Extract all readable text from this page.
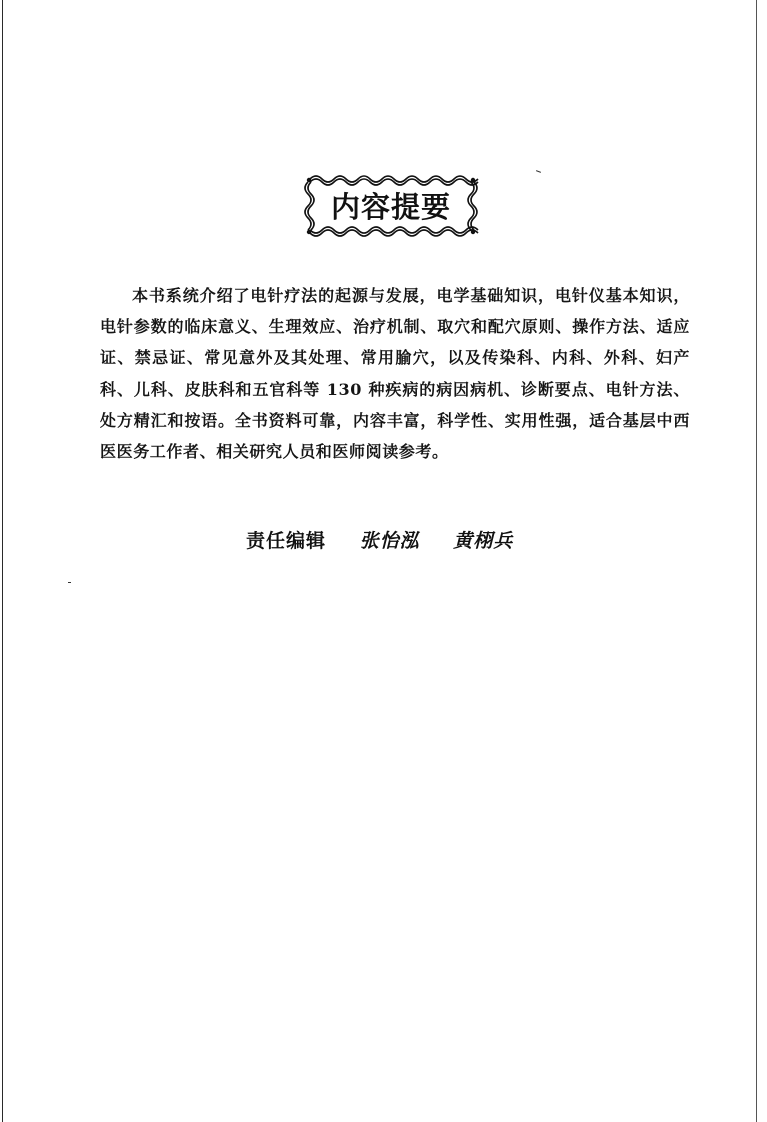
内容提要
本书系统介绍了电针疗法的起源与发展，电学基础知识，电针仪基本知识，电针参数的临床意义、生理效应、治疗机制、取穴和配穴原则、操作方法、适应证、禁忌证、常见意外及其处理、常用腧穴，以及传染科、内科、外科、妇产科、儿科、皮肤科和五官科等 130 种疾病的病因病机、诊断要点、电针方法、处方精汇和按语。全书资料可靠，内容丰富，科学性、实用性强，适合基层中西医医务工作者、相关研究人员和医师阅读参考。
责任编辑 张怡泓 黄栩兵
